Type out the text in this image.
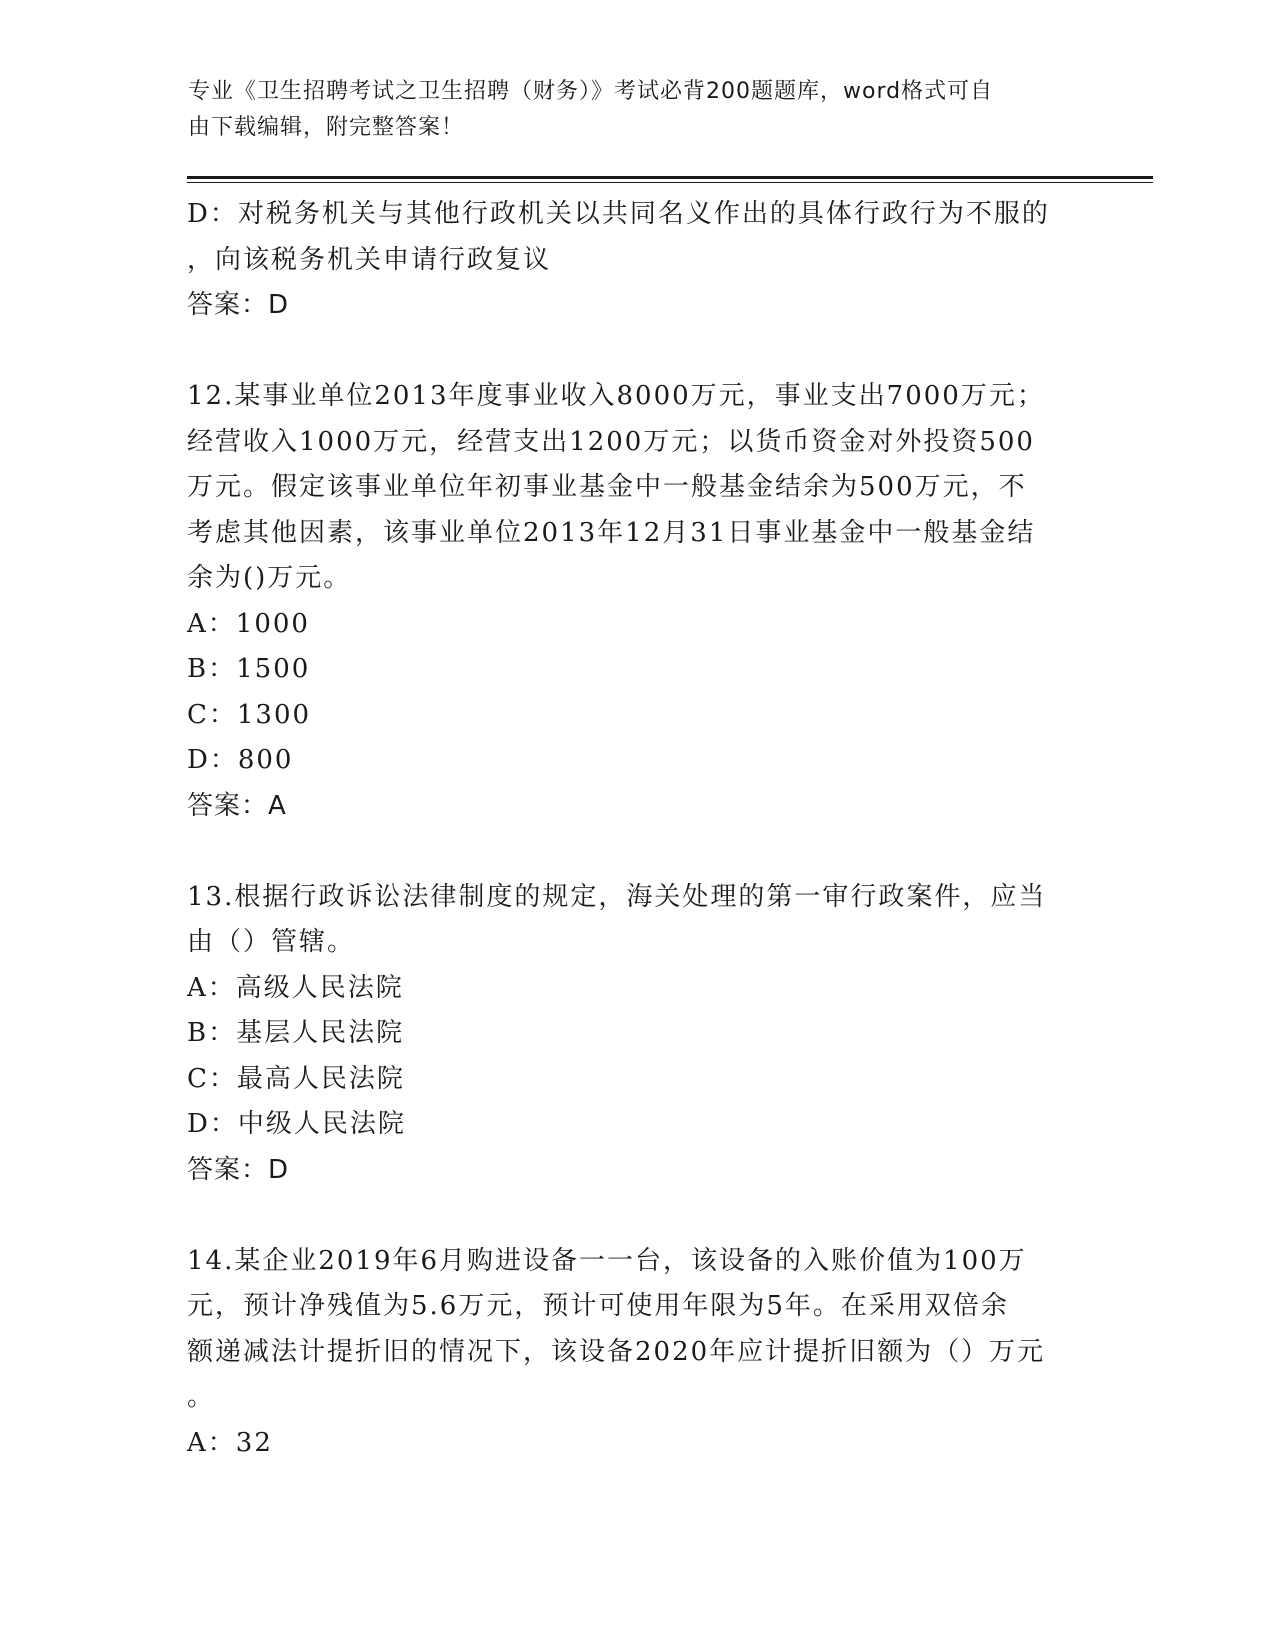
专业《卫生招聘考试之卫生招聘（财务）》考试必背200题题库，word格式可自
由下载编辑，附完整答案！
D：对税务机关与其他行政机关以共同名义作出的具体行政行为不服的
，向该税务机关申请行政复议
答案：D
12.某事业单位2013年度事业收入8000万元，事业支出7000万元；
经营收入1000万元，经营支出1200万元；以货币资金对外投资500
万元。假定该事业单位年初事业基金中一般基金结余为500万元，不
考虑其他因素，该事业单位2013年12月31日事业基金中一般基金结
余为()万元。
A：1000
B：1500
C：1300
D：800
答案：A
13.根据行政诉讼法律制度的规定，海关处理的第一审行政案件，应当
由（）管辖。
A：高级人民法院
B：基层人民法院
C：最高人民法院
D：中级人民法院
答案：D
14.某企业2019年6月购进设备一一台，该设备的入账价值为100万
元，预计净残值为5.6万元，预计可使用年限为5年。在采用双倍余
额递减法计提折旧的情况下，该设备2020年应计提折旧额为（）万元
。
A：32
